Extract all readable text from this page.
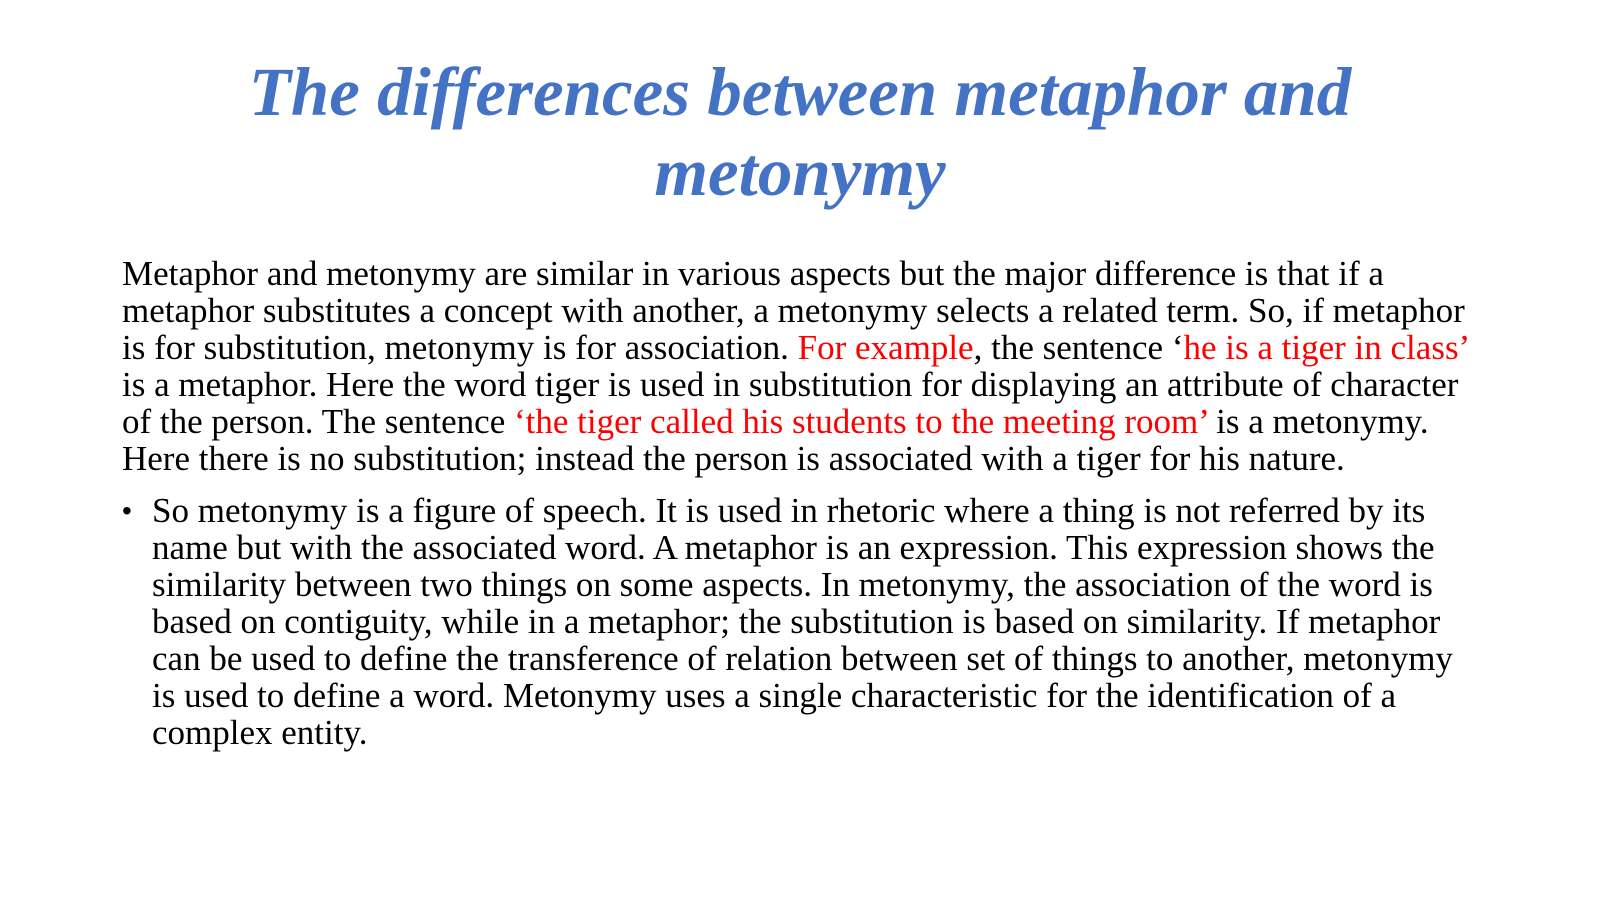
The differences between metaphor and metonymy

Metaphor and metonymy are similar in various aspects but the major difference is that if a metaphor substitutes a concept with another, a metonymy selects a related term. So, if metaphor is for substitution, metonymy is for association. For example, the sentence ‘he is a tiger in class’ is a metaphor. Here the word tiger is used in substitution for displaying an attribute of character of the person. The sentence ‘the tiger called his students to the meeting room’ is a metonymy. Here there is no substitution; instead the person is associated with a tiger for his nature.

• So metonymy is a figure of speech. It is used in rhetoric where a thing is not referred by its name but with the associated word. A metaphor is an expression. This expression shows the similarity between two things on some aspects. In metonymy, the association of the word is based on contiguity, while in a metaphor; the substitution is based on similarity. If metaphor can be used to define the transference of relation between set of things to another, metonymy is used to define a word. Metonymy uses a single characteristic for the identification of a complex entity.
